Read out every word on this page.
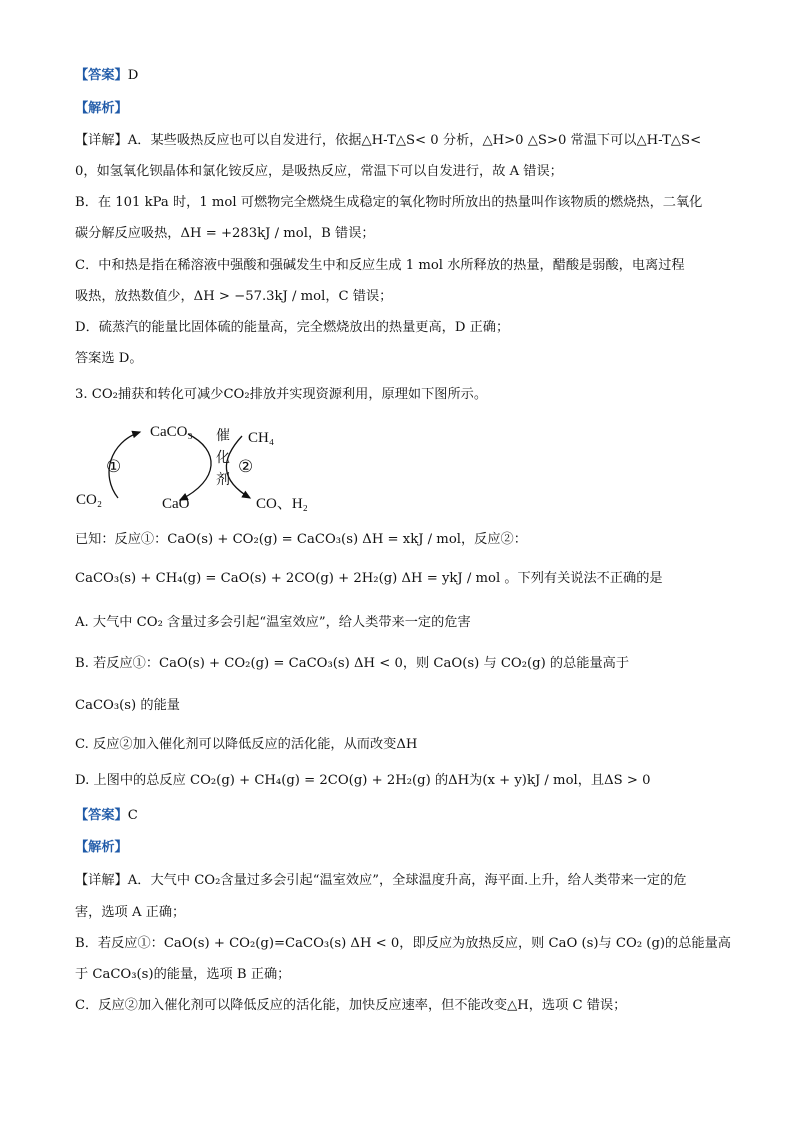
【答案】D
【解析】
【详解】A．某些吸热反应也可以自发进行，依据△H-T△S< 0 分析，△H>0 △S>0 常温下可以△H-T△S<
0，如氢氧化钡晶体和氯化铵反应，是吸热反应，常温下可以自发进行，故 A 错误；
B．在 101 kPa 时，1 mol 可燃物完全燃烧生成稳定的氧化物时所放出的热量叫作该物质的燃烧热，二氧化
碳分解反应吸热，ΔH = +283kJ / mol，B 错误；
C．中和热是指在稀溶液中强酸和强碱发生中和反应生成 1 mol 水所释放的热量，醋酸是弱酸，电离过程
吸热，放热数值少，ΔH > −57.3kJ / mol，C 错误；
D．硫蒸汽的能量比固体硫的能量高，完全燃烧放出的热量更高，D 正确；
答案选 D。
3. CO₂捕获和转化可减少CO₂排放并实现资源利用，原理如下图所示。
CaCO₃
CaO
CO₂
①
催
化
剂
CH₄
②
CO、H₂
已知：反应①：CaO(s) + CO₂(g) = CaCO₃(s) ΔH = xkJ / mol，反应②：
CaCO₃(s) + CH₄(g) = CaO(s) + 2CO(g) + 2H₂(g) ΔH = ykJ / mol 。下列有关说法不正确的是
A. 大气中 CO₂ 含量过多会引起“温室效应”，给人类带来一定的危害
B. 若反应①：CaO(s) + CO₂(g) = CaCO₃(s) ΔH < 0，则 CaO(s) 与 CO₂(g) 的总能量高于
CaCO₃(s) 的能量
C. 反应②加入催化剂可以降低反应的活化能，从而改变ΔH
D. 上图中的总反应 CO₂(g) + CH₄(g) = 2CO(g) + 2H₂(g) 的ΔH为(x + y)kJ / mol，且ΔS > 0
【答案】C
【解析】
【详解】A．大气中 CO₂含量过多会引起“温室效应”，全球温度升高，海平面.上升，给人类带来一定的危
害，选项 A 正确；
B．若反应①：CaO(s) + CO₂(g)=CaCO₃(s) ΔH < 0，即反应为放热反应，则 CaO (s)与 CO₂ (g)的总能量高
于 CaCO₃(s)的能量，选项 B 正确；
C．反应②加入催化剂可以降低反应的活化能，加快反应速率，但不能改变△H，选项 C 错误；
